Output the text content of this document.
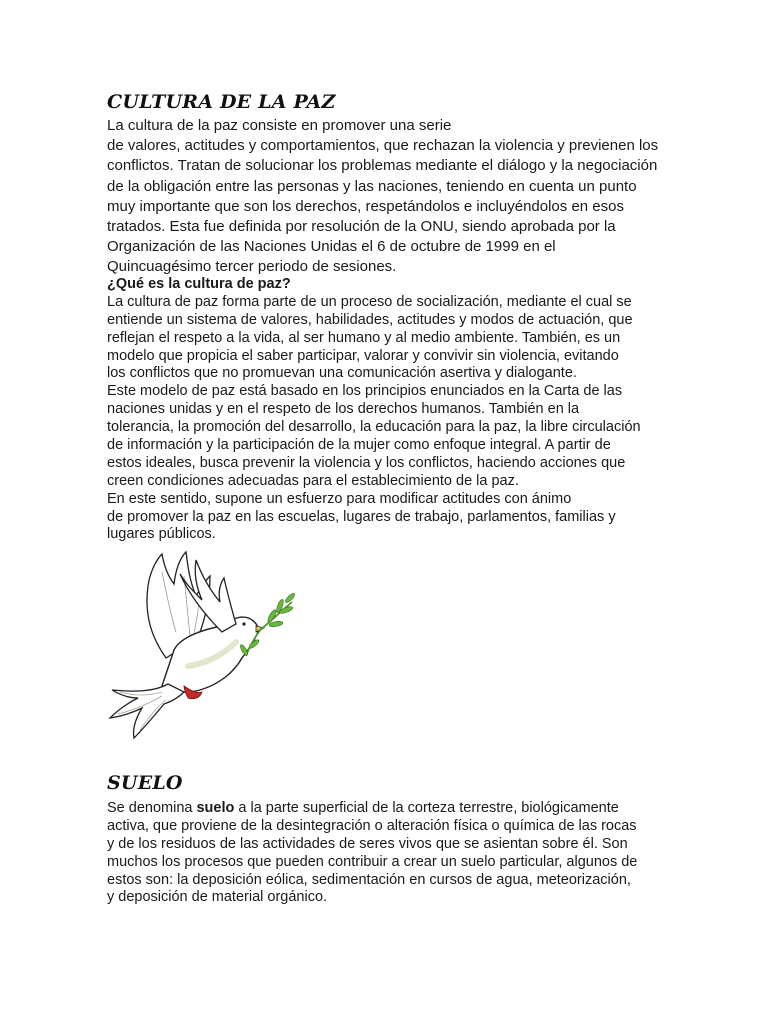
CULTURA DE LA PAZ
La cultura de la paz consiste en promover una serie
de valores, actitudes y comportamientos, que rechazan la violencia y previenen los
conflictos. Tratan de solucionar los problemas mediante el diálogo y la negociación
de la obligación entre las personas y las naciones, teniendo en cuenta un punto
muy importante que son los derechos, respetándolos e incluyéndolos en esos
tratados. Esta fue definida por resolución de la ONU, siendo aprobada por la
Organización de las Naciones Unidas el 6 de octubre de 1999 en el
Quincuagésimo tercer periodo de sesiones.
¿Qué es la cultura de paz?
La cultura de paz forma parte de un proceso de socialización, mediante el cual se
entiende un sistema de valores, habilidades, actitudes y modos de actuación, que
reflejan el respeto a la vida, al ser humano y al medio ambiente. También, es un
modelo que propicia el saber participar, valorar y convivir sin violencia, evitando
los conflictos que no promuevan una comunicación asertiva y dialogante.
Este modelo de paz está basado en los principios enunciados en la Carta de las
naciones unidas y en el respeto de los derechos humanos. También en la
tolerancia, la promoción del desarrollo, la educación para la paz, la libre circulación
de información y la participación de la mujer como enfoque integral. A partir de
estos ideales, busca prevenir la violencia y los conflictos, haciendo acciones que
creen condiciones adecuadas para el establecimiento de la paz.
En este sentido, supone un esfuerzo para modificar actitudes con ánimo
de promover la paz en las escuelas, lugares de trabajo, parlamentos, familias y
lugares públicos.
SUELO
Se denomina suelo a la parte superficial de la corteza terrestre, biológicamente
activa, que proviene de la desintegración o alteración física o química de las rocas
y de los residuos de las actividades de seres vivos que se asientan sobre él. Son
muchos los procesos que pueden contribuir a crear un suelo particular, algunos de
estos son: la deposición eólica, sedimentación en cursos de agua, meteorización,
y deposición de material orgánico.
